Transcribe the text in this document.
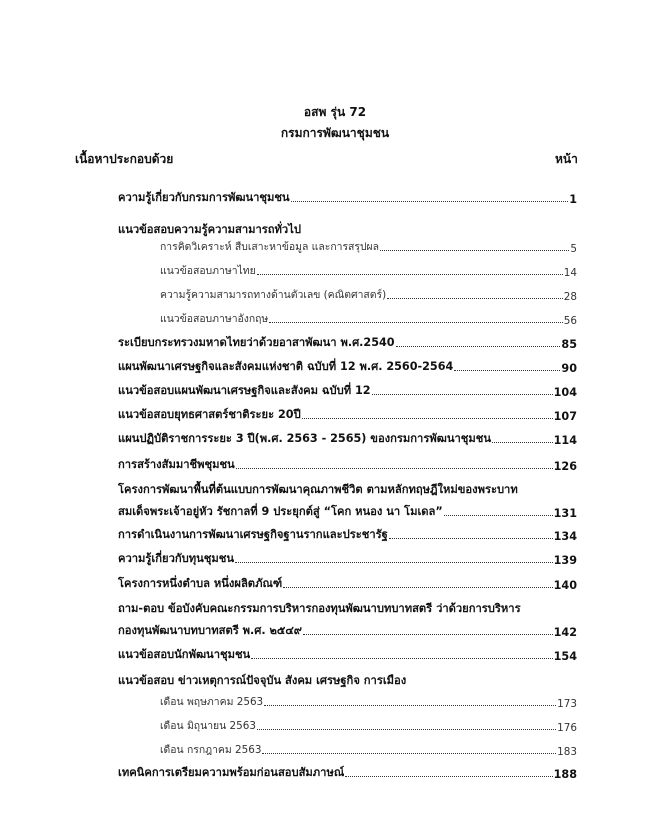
อสพ รุ่น 72
กรมการพัฒนาชุมชน
เนื้อหาประกอบด้วย	หน้า
ความรู้เกี่ยวกับกรมการพัฒนาชุมชน	1
แนวข้อสอบความรู้ความสามารถทั่วไป
การคิดวิเคราะห์ สืบเสาะหาข้อมูล และการสรุปผล	5
แนวข้อสอบภาษาไทย	14
ความรู้ความสามารถทางด้านตัวเลข (คณิตศาสตร์)	28
แนวข้อสอบภาษาอังกฤษ	56
ระเบียบกระทรวงมหาดไทยว่าด้วยอาสาพัฒนา พ.ศ.2540	85
แผนพัฒนาเศรษฐกิจและสังคมแห่งชาติ ฉบับที่ 12 พ.ศ. 2560-2564	90
แนวข้อสอบแผนพัฒนาเศรษฐกิจและสังคม ฉบับที่ 12	104
แนวข้อสอบยุทธศาสตร์ชาติระยะ 20ปี	107
แผนปฏิบัติราชการระยะ 3 ปี(พ.ศ. 2563 - 2565) ของกรมการพัฒนาชุมชน	114
การสร้างสัมมาชีพชุมชน	126
โครงการพัฒนาพื้นที่ต้นแบบการพัฒนาคุณภาพชีวิต ตามหลักทฤษฎีใหม่ของพระบาท
สมเด็จพระเจ้าอยู่หัว รัชกาลที่ 9 ประยุกต์สู่ “โคก หนอง นา โมเดล”	131
การดำเนินงานการพัฒนาเศรษฐกิจฐานรากและประชารัฐ	134
ความรู้เกี่ยวกับทุนชุมชน	139
โครงการหนึ่งตำบล หนึ่งผลิตภัณฑ์	140
ถาม-ตอบ ข้อบังคับคณะกรรมการบริหารกองทุนพัฒนาบทบาทสตรี ว่าด้วยการบริหาร
กองทุนพัฒนาบทบาทสตรี พ.ศ. ๒๕๔๙	142
แนวข้อสอบนักพัฒนาชุมชน	154
แนวข้อสอบ ข่าวเหตุการณ์ปัจจุบัน สังคม เศรษฐกิจ การเมือง
เดือน พฤษภาคม 2563	173
เดือน มิถุนายน 2563	176
เดือน กรกฎาคม 2563	183
เทคนิคการเตรียมความพร้อมก่อนสอบสัมภาษณ์	188
